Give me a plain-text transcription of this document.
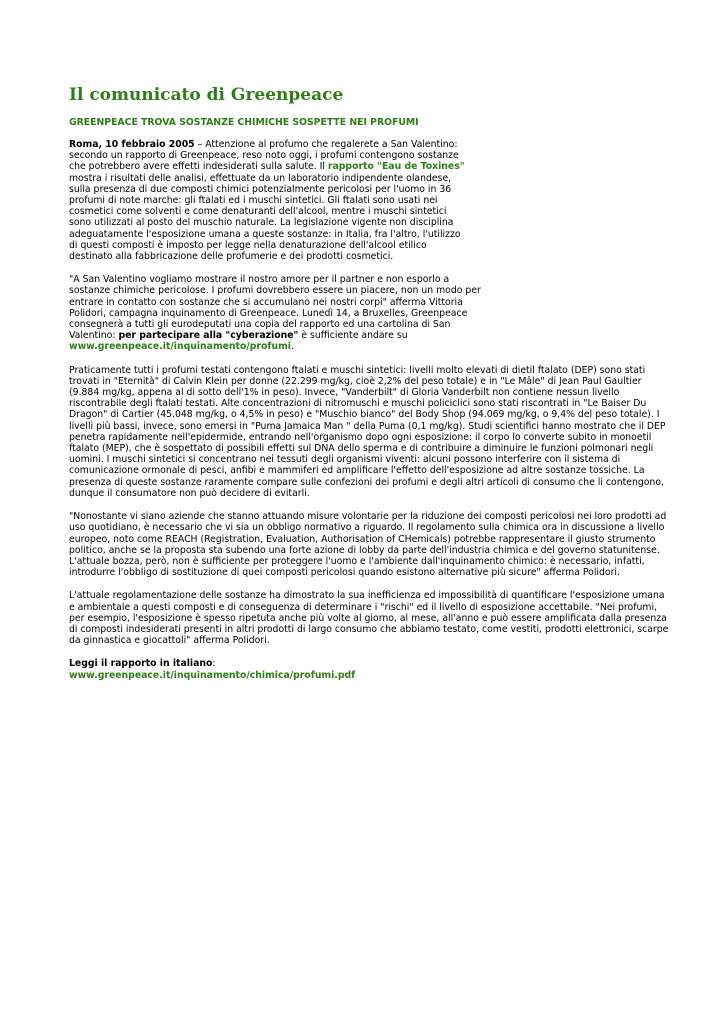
Il comunicato di Greenpeace
GREENPEACE TROVA SOSTANZE CHIMICHE SOSPETTE NEI PROFUMI

Roma, 10 febbraio 2005 – Attenzione al profumo che regalerete a San Valentino: secondo un rapporto di Greenpeace, reso noto oggi, i profumi contengono sostanze che potrebbero avere effetti indesiderati sulla salute. Il rapporto "Eau de Toxines" mostra i risultati delle analisi, effettuate da un laboratorio indipendente olandese, sulla presenza di due composti chimici potenzialmente pericolosi per l'uomo in 36 profumi di note marche: gli ftalati ed i muschi sintetici. Gli ftalati sono usati nei cosmetici come solventi e come denaturanti dell'alcool, mentre i muschi sintetici sono utilizzati al posto del muschio naturale. La legislazione vigente non disciplina adeguatamente l'esposizione umana a queste sostanze: in Italia, fra l'altro, l'utilizzo di questi composti è imposto per legge nella denaturazione dell'alcool etilico destinato alla fabbricazione delle profumerie e dei prodotti cosmetici.

"A San Valentino vogliamo mostrare il nostro amore per il partner e non esporlo a sostanze chimiche pericolose. I profumi dovrebbero essere un piacere, non un modo per entrare in contatto con sostanze che si accumulano nei nostri corpi" afferma Vittoria Polidori, campagna inquinamento di Greenpeace. Lunedì 14, a Bruxelles, Greenpeace consegnerà a tutti gli eurodeputati una copia del rapporto ed una cartolina di San Valentino: per partecipare alla "cyberazione" è sufficiente andare su www.greenpeace.it/inquinamento/profumi.

Praticamente tutti i profumi testati contengono ftalati e muschi sintetici: livelli molto elevati di dietil ftalato (DEP) sono stati trovati in "Eternità" di Calvin Klein per donne (22.299 mg/kg, cioè 2,2% del peso totale) e in "Le Mâle" di Jean Paul Gaultier (9.884 mg/kg, appena al di sotto dell'1% in peso). Invece, "Vanderbilt" di Gloria Vanderbilt non contiene nessun livello riscontrabile degli ftalati testati. Alte concentrazioni di nitromuschi e muschi policiclici sono stati riscontrati in "Le Baiser Du Dragon" di Cartier (45.048 mg/kg, o 4,5% in peso) e "Muschio bianco" del Body Shop (94.069 mg/kg, o 9,4% del peso totale). I livelli più bassi, invece, sono emersi in "Puma Jamaica Man " della Puma (0,1 mg/kg). Studi scientifici hanno mostrato che il DEP penetra rapidamente nell'epidermide, entrando nell'organismo dopo ogni esposizione: il corpo lo converte subito in monoetil ftalato (MEP), che è sospettato di possibili effetti sul DNA dello sperma e di contribuire a diminuire le funzioni polmonari negli uomini. I muschi sintetici si concentrano nei tessuti degli organismi viventi: alcuni possono interferire con il sistema di comunicazione ormonale di pesci, anfibi e mammiferi ed amplificare l'effetto dell'esposizione ad altre sostanze tossiche. La presenza di queste sostanze raramente compare sulle confezioni dei profumi e degli altri articoli di consumo che li contengono, dunque il consumatore non può decidere di evitarli.

"Nonostante vi siano aziende che stanno attuando misure volontarie per la riduzione dei composti pericolosi nei loro prodotti ad uso quotidiano, è necessario che vi sia un obbligo normativo a riguardo. Il regolamento sulla chimica ora in discussione a livello europeo, noto come REACH (Registration, Evaluation, Authorisation of CHemicals) potrebbe rappresentare il giusto strumento politico, anche se la proposta sta subendo una forte azione di lobby da parte dell'industria chimica e del governo statunitense. L'attuale bozza, però, non è sufficiente per proteggere l'uomo e l'ambiente dall'inquinamento chimico: è necessario, infatti, introdurre l'obbligo di sostituzione di quei composti pericolosi quando esistono alternative più sicure" afferma Polidori.

L'attuale regolamentazione delle sostanze ha dimostrato la sua inefficienza ed impossibilità di quantificare l'esposizione umana e ambientale a questi composti e di conseguenza di determinare i "rischi" ed il livello di esposizione accettabile. "Nei profumi, per esempio, l'esposizione è spesso ripetuta anche più volte al giorno, al mese, all'anno e può essere amplificata dalla presenza di composti indesiderati presenti in altri prodotti di largo consumo che abbiamo testato, come vestiti, prodotti elettronici, scarpe da ginnastica e giocattoli" afferma Polidori.

Leggi il rapporto in italiano:
www.greenpeace.it/inquinamento/chimica/profumi.pdf
